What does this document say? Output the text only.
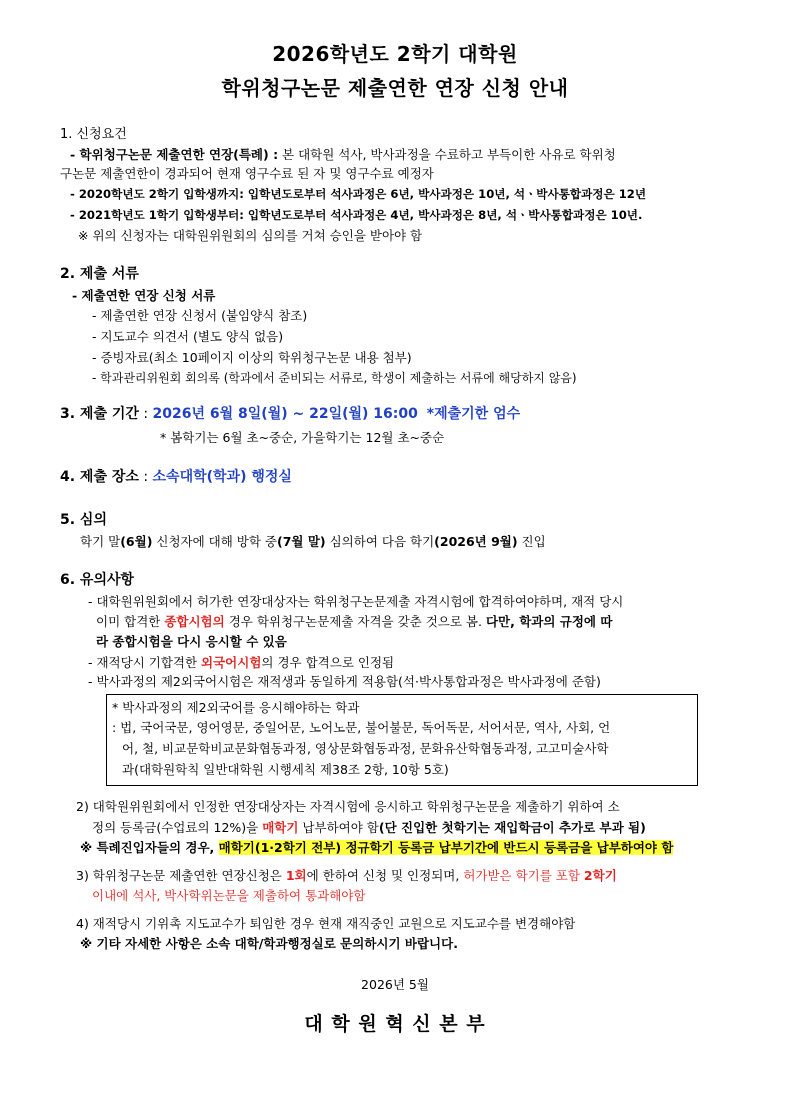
2026학년도 2학기 대학원
학위청구논문 제출연한 연장 신청 안내
1. 신청요건
- 학위청구논문 제출연한 연장(특례) : 본 대학원 석사, 박사과정을 수료하고 부득이한 사유로 학위청
구논문 제출연한이 경과되어 현재 영구수료 된 자 및 영구수료 예정자
- 2020학년도 2학기 입학생까지: 입학년도로부터 석사과정은 6년, 박사과정은 10년, 석ㆍ박사통합과정은 12년
- 2021학년도 1학기 입학생부터: 입학년도로부터 석사과정은 4년, 박사과정은 8년, 석ㆍ박사통합과정은 10년.
※ 위의 신청자는 대학원위원회의 심의를 거쳐 승인을 받아야 함
2. 제출 서류
- 제출연한 연장 신청 서류
- 제출연한 연장 신청서 (붙임양식 참조)
- 지도교수 의견서 (별도 양식 없음)
- 증빙자료(최소 10페이지 이상의 학위청구논문 내용 첨부)
- 학과관리위원회 회의록 (학과에서 준비되는 서류로, 학생이 제출하는 서류에 해당하지 않음)
3. 제출 기간 : 2026년 6월 8일(월) ~ 22일(월) 16:00 *제출기한 엄수
* 봄학기는 6월 초~중순, 가을학기는 12월 초~중순
4. 제출 장소 : 소속대학(학과) 행정실
5. 심의
학기 말(6월) 신청자에 대해 방학 중(7월 말) 심의하여 다음 학기(2026년 9월) 진입
6. 유의사항
- 대학원위원회에서 허가한 연장대상자는 학위청구논문제출 자격시험에 합격하여야하며, 재적 당시
이미 합격한 종합시험의 경우 학위청구논문제출 자격을 갖춘 것으로 봄. 다만, 학과의 규정에 따
라 종합시험을 다시 응시할 수 있음
- 재적당시 기합격한 외국어시험의 경우 합격으로 인정됨
- 박사과정의 제2외국어시험은 재적생과 동일하게 적용함(석·박사통합과정은 박사과정에 준함)
* 박사과정의 제2외국어를 응시해야하는 학과
: 법, 국어국문, 영어영문, 중일어문, 노어노문, 불어불문, 독어독문, 서어서문, 역사, 사회, 언
어, 철, 비교문학비교문화협동과정, 영상문화협동과정, 문화유산학협동과정, 고고미술사학
과(대학원학칙 일반대학원 시행세칙 제38조 2항, 10항 5호)
2) 대학원위원회에서 인정한 연장대상자는 자격시험에 응시하고 학위청구논문을 제출하기 위하여 소
정의 등록금(수업료의 12%)을 매학기 납부하여야 함(단 진입한 첫학기는 재입학금이 추가로 부과 됨)
※ 특례진입자들의 경우, 매학기(1·2학기 전부) 정규학기 등록금 납부기간에 반드시 등록금을 납부하여야 함
3) 학위청구논문 제출연한 연장신청은 1회에 한하여 신청 및 인정되며, 허가받은 학기를 포함 2학기
이내에 석사, 박사학위논문을 제출하여 통과해야함
4) 재적당시 기위촉 지도교수가 퇴임한 경우 현재 재직중인 교원으로 지도교수를 변경해야함
※ 기타 자세한 사항은 소속 대학/학과행정실로 문의하시기 바랍니다.
2026년 5월
대 학 원 혁 신 본 부
